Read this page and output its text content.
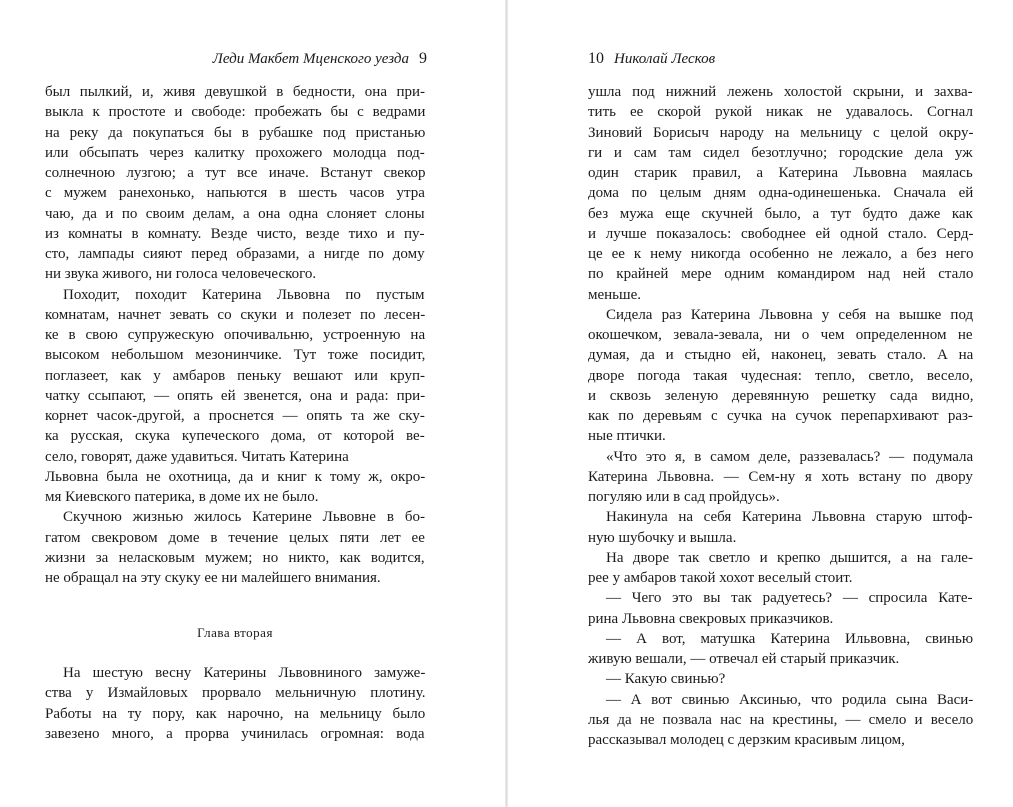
Леди Макбет Мценского уезда 9
был пылкий, и, живя девушкой в бедности, она при-
выкла к простоте и свободе: пробежать бы с ведрами
на реку да покупаться бы в рубашке под пристанью
или обсыпать через калитку прохожего молодца под-
солнечною лузгою; а тут все иначе. Встанут свекор
с мужем ранехонько, напьются в шесть часов утра
чаю, да и по своим делам, а она одна слоняет слоны
из комнаты в комнату. Везде чисто, везде тихо и пу-
сто, лампады сияют перед образами, а нигде по дому
ни звука живого, ни голоса человеческого.
Походит, походит Катерина Львовна по пустым
комнатам, начнет зевать со скуки и полезет по лесен-
ке в свою супружескую опочивальню, устроенную на
высоком небольшом мезонинчике. Тут тоже посидит,
поглазеет, как у амбаров пеньку вешают или круп-
чатку ссыпают, — опять ей звенется, она и рада: при-
корнет часок-другой, а проснется — опять та же ску-
ка русская, скука купеческого дома, от которой ве-
село, говорят, даже удавиться. Читать Катерина
Львовна была не охотница, да и книг к тому ж, окро-
мя Киевского патерика, в доме их не было.
Скучною жизнью жилось Катерине Львовне в бо-
гатом свекровом доме в течение целых пяти лет ее
жизни за неласковым мужем; но никто, как водится,
не обращал на эту скуку ее ни малейшего внимания.
Глава вторая
На шестую весну Катерины Львовниного замуже-
ства у Измайловых прорвало мельничную плотину.
Работы на ту пору, как нарочно, на мельницу было
завезено много, а прорва учинилась огромная: вода
10 Николай Лесков
ушла под нижний лежень холостой скрыни, и захва-
тить ее скорой рукой никак не удавалось. Согнал
Зиновий Борисыч народу на мельницу с целой окру-
ги и сам там сидел безотлучно; городские дела уж
один старик правил, а Катерина Львовна маялась
дома по целым дням одна-одинешенька. Сначала ей
без мужа еще скучней было, а тут будто даже как
и лучше показалось: свободнее ей одной стало. Серд-
це ее к нему никогда особенно не лежало, а без него
по крайней мере одним командиром над ней стало
меньше.
Сидела раз Катерина Львовна у себя на вышке под
окошечком, зевала-зевала, ни о чем определенном не
думая, да и стыдно ей, наконец, зевать стало. А на
дворе погода такая чудесная: тепло, светло, весело,
и сквозь зеленую деревянную решетку сада видно,
как по деревьям с сучка на сучок перепархивают раз-
ные птички.
«Что это я, в самом деле, раззевалась? — подумала
Катерина Львовна. — Сем-ну я хоть встану по двору
погуляю или в сад пройдусь».
Накинула на себя Катерина Львовна старую штоф-
ную шубочку и вышла.
На дворе так светло и крепко дышится, а на гале-
рее у амбаров такой хохот веселый стоит.
— Чего это вы так радуетесь? — спросила Кате-
рина Львовна свекровых приказчиков.
— А вот, матушка Катерина Ильвовна, свинью
живую вешали, — отвечал ей старый приказчик.
— Какую свинью?
— А вот свинью Аксинью, что родила сына Васи-
лья да не позвала нас на крестины, — смело и весело
рассказывал молодец с дерзким красивым лицом,
